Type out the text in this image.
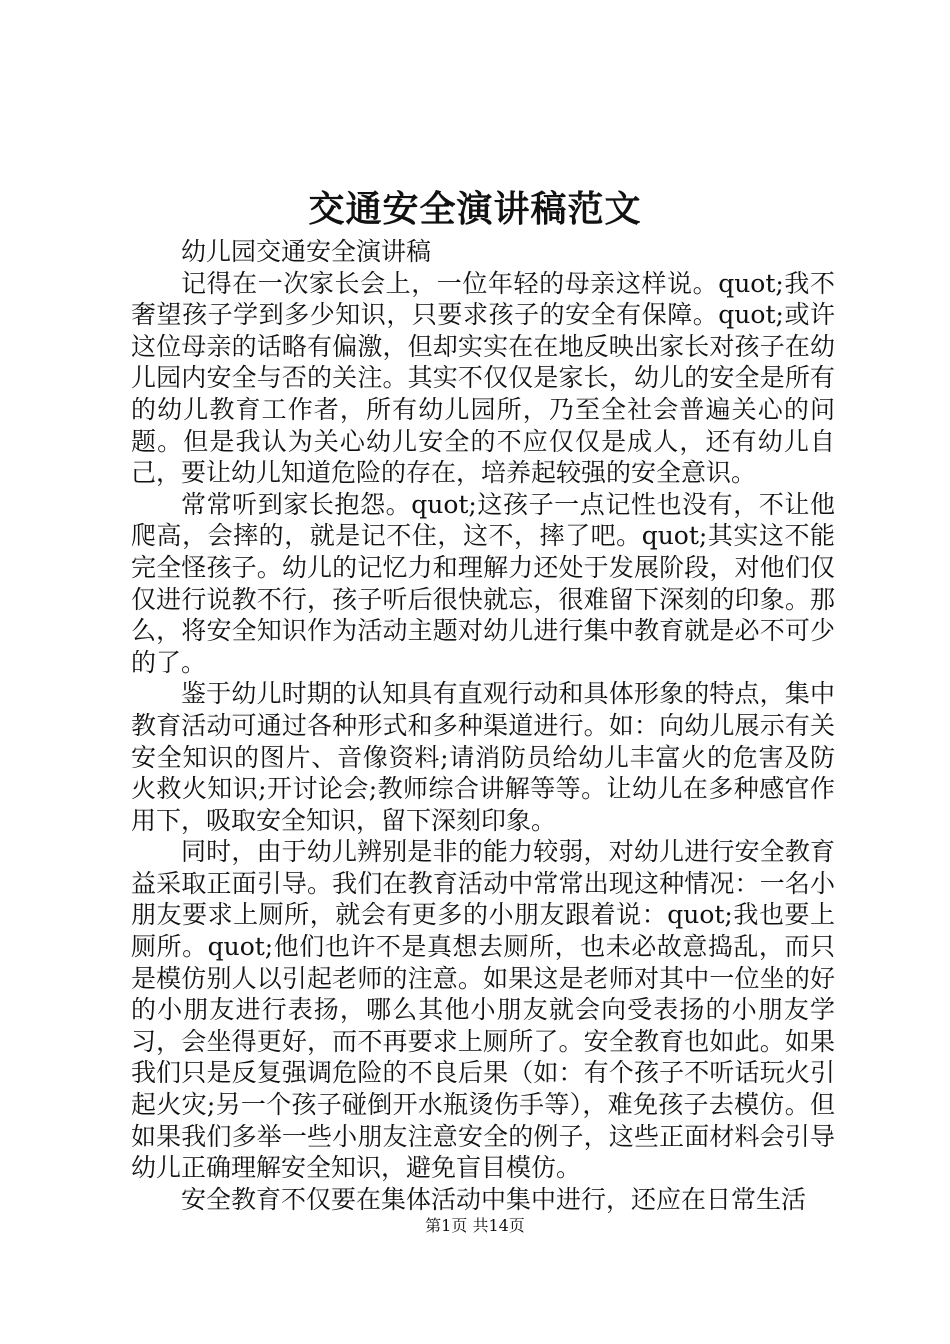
交通安全演讲稿范文

幼儿园交通安全演讲稿

记得在一次家长会上，一位年轻的母亲这样说。quot;我不奢望孩子学到多少知识，只要求孩子的安全有保障。quot;或许这位母亲的话略有偏激，但却实实在在地反映出家长对孩子在幼儿园内安全与否的关注。其实不仅仅是家长，幼儿的安全是所有的幼儿教育工作者，所有幼儿园所，乃至全社会普遍关心的问题。但是我认为关心幼儿安全的不应仅仅是成人，还有幼儿自己，要让幼儿知道危险的存在，培养起较强的安全意识。

常常听到家长抱怨。quot;这孩子一点记性也没有，不让他爬高，会摔的，就是记不住，这不，摔了吧。quot;其实这不能完全怪孩子。幼儿的记忆力和理解力还处于发展阶段，对他们仅仅进行说教不行，孩子听后很快就忘，很难留下深刻的印象。那么，将安全知识作为活动主题对幼儿进行集中教育就是必不可少的了。

鉴于幼儿时期的认知具有直观行动和具体形象的特点，集中教育活动可通过各种形式和多种渠道进行。如：向幼儿展示有关安全知识的图片、音像资料;请消防员给幼儿丰富火的危害及防火救火知识;开讨论会;教师综合讲解等等。让幼儿在多种感官作用下，吸取安全知识，留下深刻印象。

同时，由于幼儿辨别是非的能力较弱，对幼儿进行安全教育益采取正面引导。我们在教育活动中常常出现这种情况：一名小朋友要求上厕所，就会有更多的小朋友跟着说：quot;我也要上厕所。quot;他们也许不是真想去厕所，也未必故意捣乱，而只是模仿别人以引起老师的注意。如果这是老师对其中一位坐的好的小朋友进行表扬，哪么其他小朋友就会向受表扬的小朋友学习，会坐得更好，而不再要求上厕所了。安全教育也如此。如果我们只是反复强调危险的不良后果（如：有个孩子不听话玩火引起火灾;另一个孩子碰倒开水瓶烫伤手等），难免孩子去模仿。但如果我们多举一些小朋友注意安全的例子，这些正面材料会引导幼儿正确理解安全知识，避免盲目模仿。

安全教育不仅要在集体活动中集中进行，还应在日常生活

第1页 共14页
